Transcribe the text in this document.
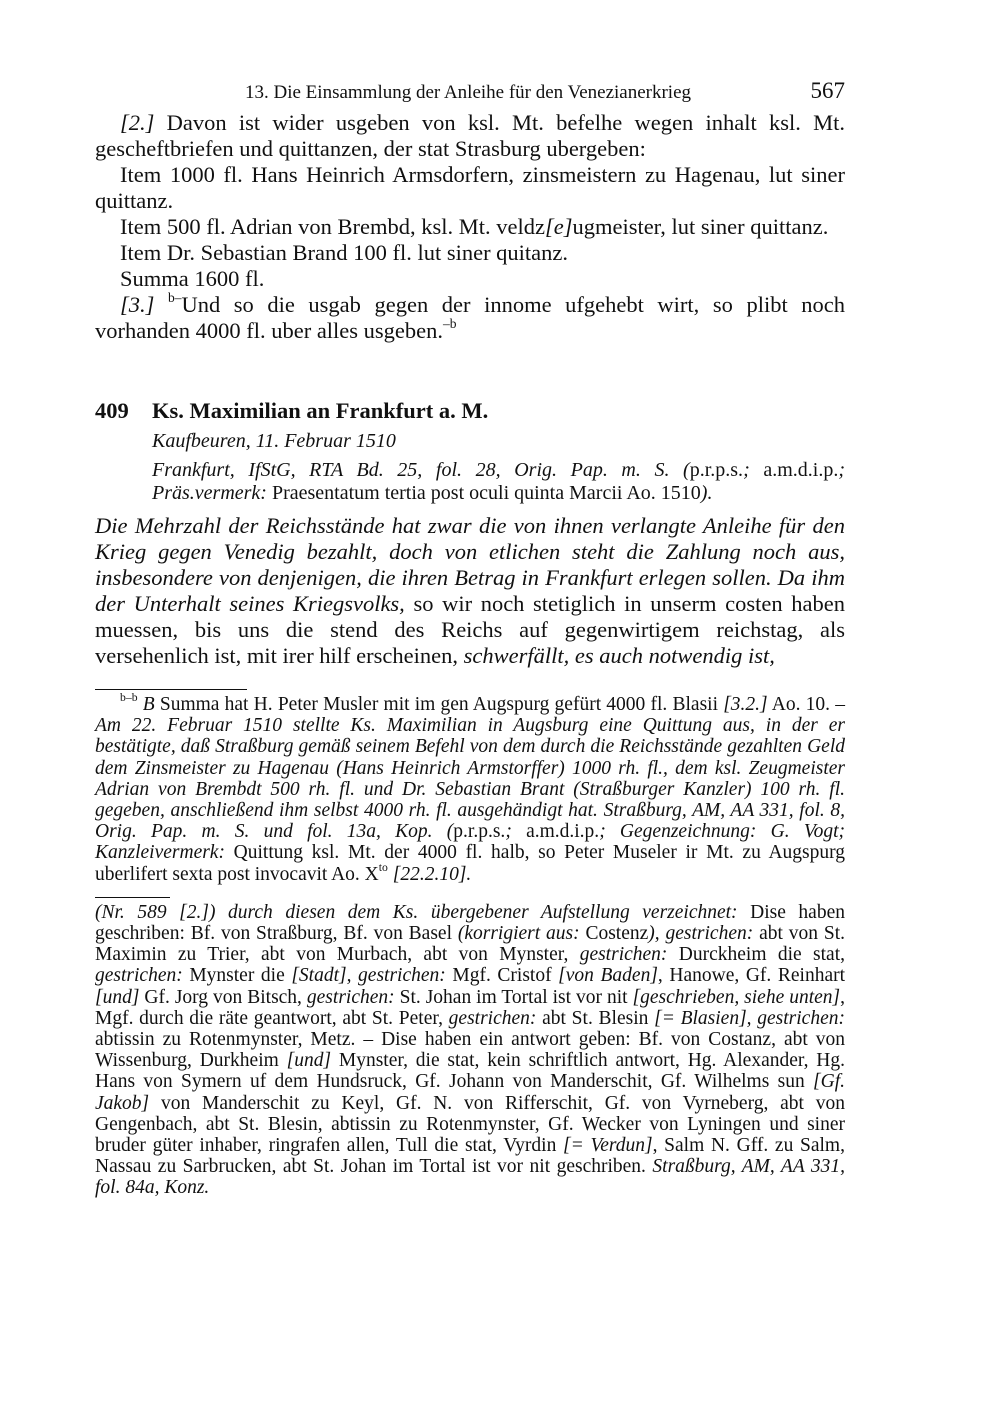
13. Die Einsammlung der Anleihe für den Venezianerkrieg	567

[2.] Davon ist wider usgeben von ksl. Mt. befelhe wegen inhalt ksl. Mt. gescheftbriefen und quittanzen, der stat Strasburg ubergeben:

Item 1000 fl. Hans Heinrich Armsdorfern, zinsmeistern zu Hagenau, lut siner quittanz.

Item 500 fl. Adrian von Brembd, ksl. Mt. veldz[e]ugmeister, lut siner quittanz.

Item Dr. Sebastian Brand 100 fl. lut siner quitanz.

Summa 1600 fl.

[3.] $^{b-}$Und so die usgab gegen der innome ufgehebt wirt, so plibt noch vorhanden 4000 fl. uber alles usgeben.$^{-b}$

409 Ks. Maximilian an Frankfurt a. M.

Kaufbeuren, 11. Februar 1510

Frankfurt, IfStG, RTA Bd. 25, fol. 28, Orig. Pap. m. S. (p.r.p.s.; a.m.d.i.p.; Präs.vermerk: Praesentatum tertia post oculi quinta Marcii Ao. 1510).

Die Mehrzahl der Reichsstände hat zwar die von ihnen verlangte Anleihe für den Krieg gegen Venedig bezahlt, doch von etlichen steht die Zahlung noch aus, insbesondere von denjenigen, die ihren Betrag in Frankfurt erlegen sollen. Da ihm der Unterhalt seines Kriegsvolks, so wir noch stetiglich in unserm costen haben muessen, bis uns die stend des Reichs auf gegenwirtigem reichstag, als versehenlich ist, mit irer hilf erscheinen, schwerfällt, es auch notwendig ist,

$^{b-b}$ B Summa hat H. Peter Musler mit im gen Augspurg gefürt 4000 fl. Blasii [3.2.] Ao. 10. – Am 22. Februar 1510 stellte Ks. Maximilian in Augsburg eine Quittung aus, in der er bestätigte, daß Straßburg gemäß seinem Befehl von dem durch die Reichsstände gezahlten Geld dem Zinsmeister zu Hagenau (Hans Heinrich Armstorffer) 1000 rh. fl., dem ksl. Zeugmeister Adrian von Brembdt 500 rh. fl. und Dr. Sebastian Brant (Straßburger Kanzler) 100 rh. fl. gegeben, anschließend ihm selbst 4000 rh. fl. ausgehändigt hat. Straßburg, AM, AA 331, fol. 8, Orig. Pap. m. S. und fol. 13a, Kop. (p.r.p.s.; a.m.d.i.p.; Gegenzeichnung: G. Vogt; Kanzleivermerk: Quittung ksl. Mt. der 4000 fl. halb, so Peter Museler ir Mt. zu Augspurg uberlifert sexta post invocavit Ao. $X^{to}$ [22.2.10].

(Nr. 589 [2.]) durch diesen dem Ks. übergebener Aufstellung verzeichnet: Dise haben geschriben: Bf. von Straßburg, Bf. von Basel (korrigiert aus: Costenz), gestrichen: abt von St. Maximin zu Trier, abt von Murbach, abt von Mynster, gestrichen: Durckheim die stat, gestrichen: Mynster die [Stadt], gestrichen: Mgf. Cristof [von Baden], Hanowe, Gf. Reinhart [und] Gf. Jorg von Bitsch, gestrichen: St. Johan im Tortal ist vor nit [geschrieben, siehe unten], Mgf. durch die räte geantwort, abt St. Peter, gestrichen: abt St. Blesin [= Blasien], gestrichen: abtissin zu Rotenmynster, Metz. – Dise haben ein antwort geben: Bf. von Costanz, abt von Wissenburg, Durkheim [und] Mynster, die stat, kein schriftlich antwort, Hg. Alexander, Hg. Hans von Symern uf dem Hundsruck, Gf. Johann von Manderschit, Gf. Wilhelms sun [Gf. Jakob] von Manderschit zu Keyl, Gf. N. von Rifferschit, Gf. von Vyrneberg, abt von Gengenbach, abt St. Blesin, abtissin zu Rotenmynster, Gf. Wecker von Lyningen und siner bruder güter inhaber, ringrafen allen, Tull die stat, Vyrdin [= Verdun], Salm N. Gff. zu Salm, Nassau zu Sarbrucken, abt St. Johan im Tortal ist vor nit geschriben. Straßburg, AM, AA 331, fol. 84a, Konz.
